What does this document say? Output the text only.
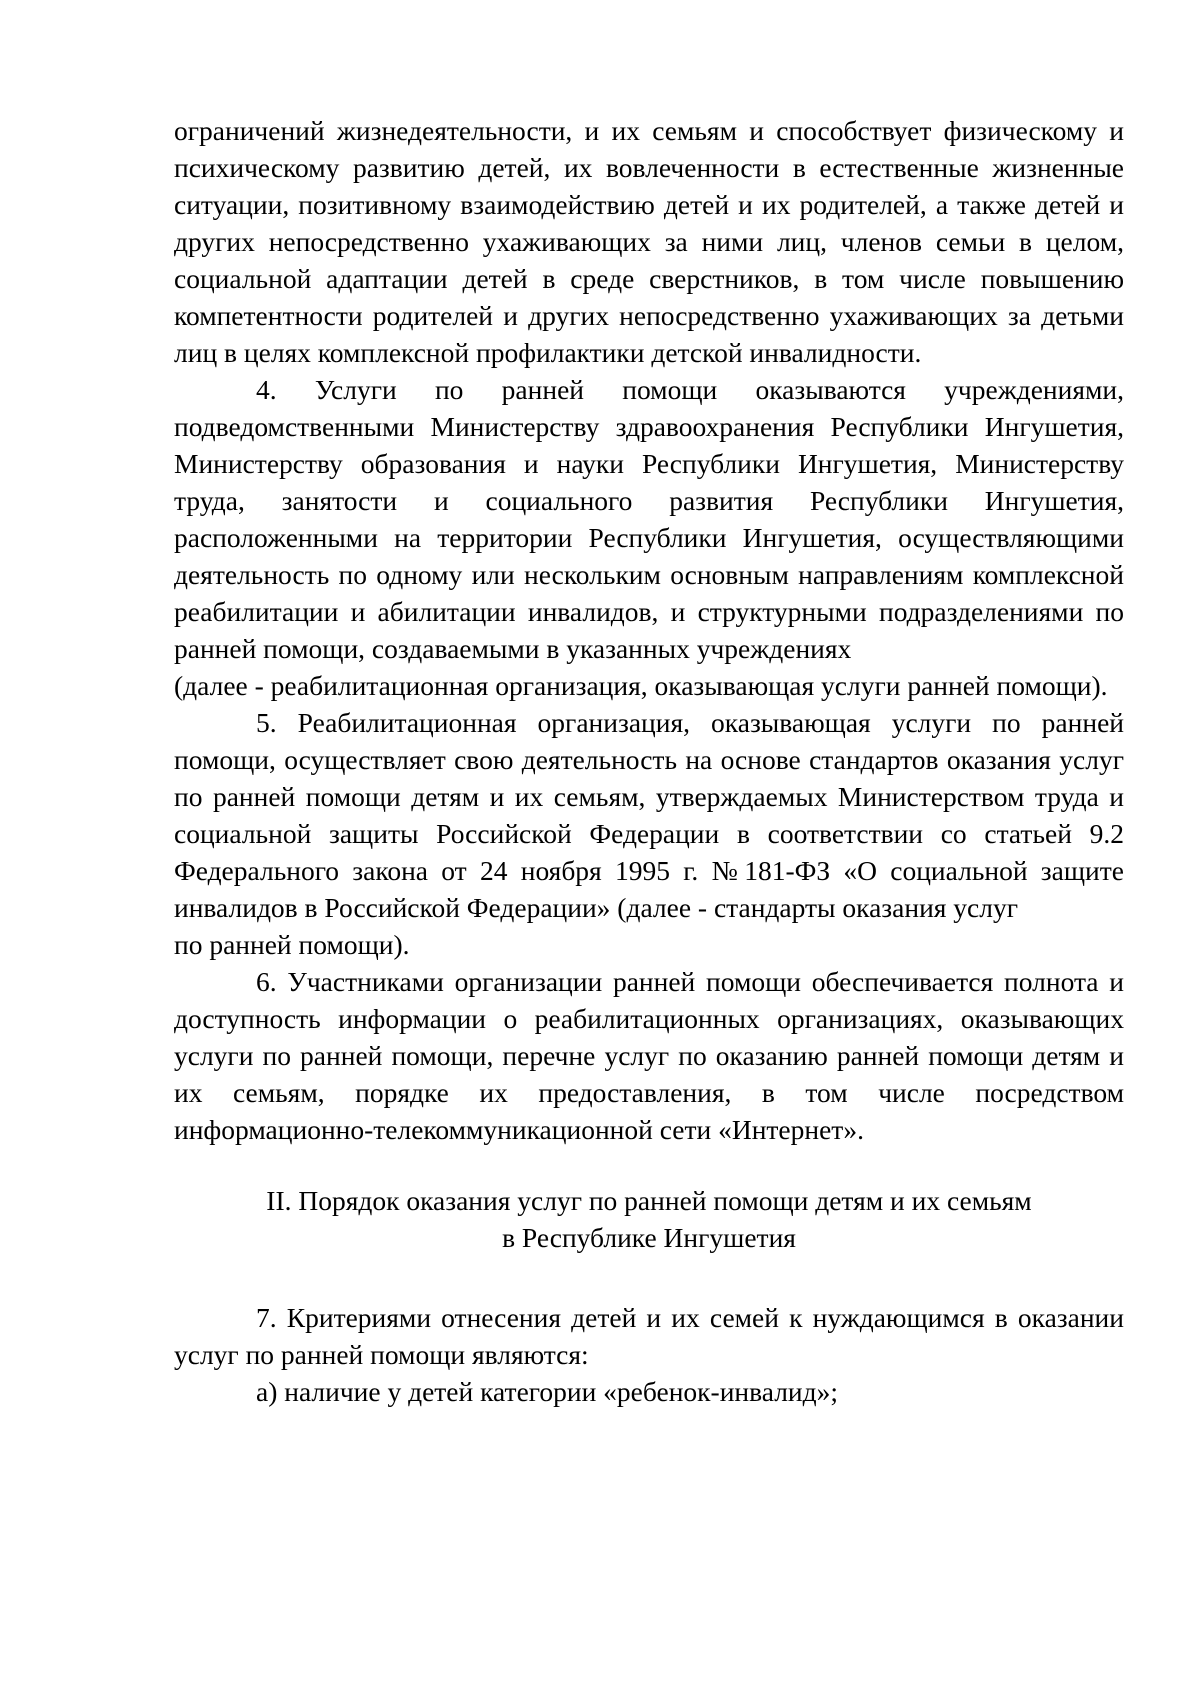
ограничений жизнедеятельности, и их семьям и способствует физическому и психическому развитию детей, их вовлеченности в естественные жизненные ситуации, позитивному взаимодействию детей и их родителей, а также детей и других непосредственно ухаживающих за ними лиц, членов семьи в целом, социальной адаптации детей в среде сверстников, в том числе повышению компетентности родителей и других непосредственно ухаживающих за детьми лиц в целях комплексной профилактики детской инвалидности.

4. Услуги по ранней помощи оказываются учреждениями, подведомственными Министерству здравоохранения Республики Ингушетия, Министерству образования и науки Республики Ингушетия, Министерству труда, занятости и социального развития Республики Ингушетия, расположенными на территории Республики Ингушетия, осуществляющими деятельность по одному или нескольким основным направлениям комплексной реабилитации и абилитации инвалидов, и структурными подразделениями по ранней помощи, создаваемыми в указанных учреждениях

(далее - реабилитационная организация, оказывающая услуги ранней помощи).

5. Реабилитационная организация, оказывающая услуги по ранней помощи, осуществляет свою деятельность на основе стандартов оказания услуг по ранней помощи детям и их семьям, утверждаемых Министерством труда и социальной защиты Российской Федерации в соответствии со статьей 9.2 Федерального закона от 24 ноября 1995 г. №181-ФЗ «О социальной защите инвалидов в Российской Федерации» (далее - стандарты оказания услуг

по ранней помощи).

6. Участниками организации ранней помощи обеспечивается полнота и доступность информации о реабилитационных организациях, оказывающих услуги по ранней помощи, перечне услуг по оказанию ранней помощи детям и их семьям, порядке их предоставления, в том числе посредством информационно-телекоммуникационной сети «Интернет».

II. Порядок оказания услуг по ранней помощи детям и их семьям
в Республике Ингушетия

7. Критериями отнесения детей и их семей к нуждающимся в оказании услуг по ранней помощи являются:

а) наличие у детей категории «ребенок-инвалид»;
